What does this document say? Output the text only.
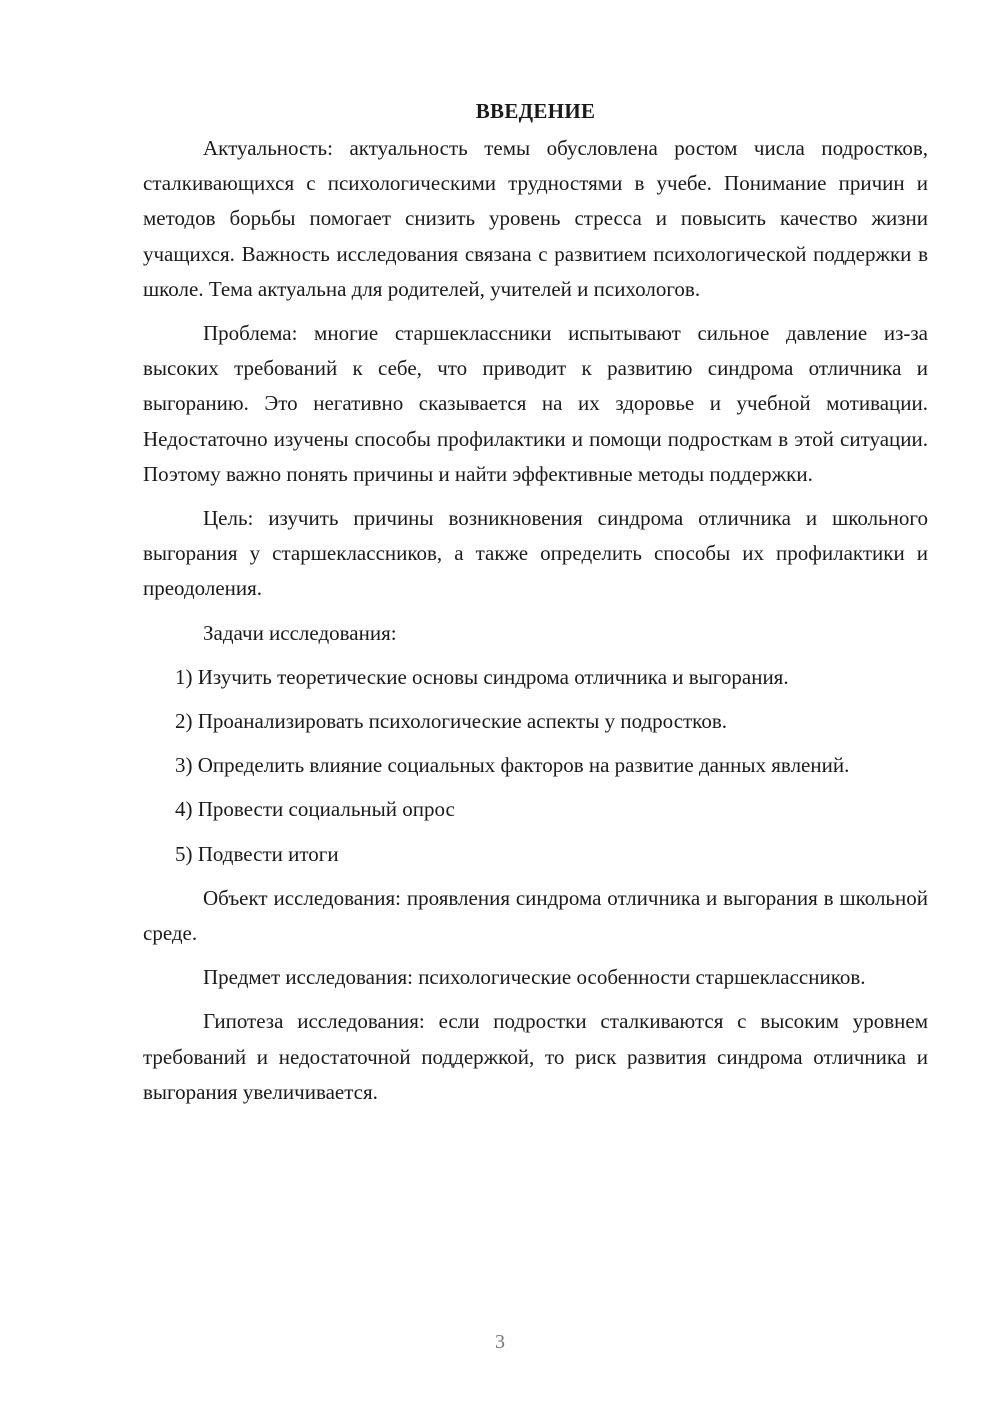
ВВЕДЕНИЕ

Актуальность: актуальность темы обусловлена ростом числа подростков, сталкивающихся с психологическими трудностями в учебе. Понимание причин и методов борьбы помогает снизить уровень стресса и повысить качество жизни учащихся. Важность исследования связана с развитием психологической поддержки в школе. Тема актуальна для родителей, учителей и психологов.

Проблема: многие старшеклассники испытывают сильное давление из-за высоких требований к себе, что приводит к развитию синдрома отличника и выгоранию. Это негативно сказывается на их здоровье и учебной мотивации. Недостаточно изучены способы профилактики и помощи подросткам в этой ситуации. Поэтому важно понять причины и найти эффективные методы поддержки.

Цель: изучить причины возникновения синдрома отличника и школьного выгорания у старшеклассников, а также определить способы их профилактики и преодоления.

Задачи исследования:

1) Изучить теоретические основы синдрома отличника и выгорания.

2) Проанализировать психологические аспекты у подростков.

3) Определить влияние социальных факторов на развитие данных явлений.

4) Провести социальный опрос

5) Подвести итоги

Объект исследования: проявления синдрома отличника и выгорания в школьной среде.

Предмет исследования: психологические особенности старшеклассников.

Гипотеза исследования: если подростки сталкиваются с высоким уровнем требований и недостаточной поддержкой, то риск развития синдрома отличника и выгорания увеличивается.

3
